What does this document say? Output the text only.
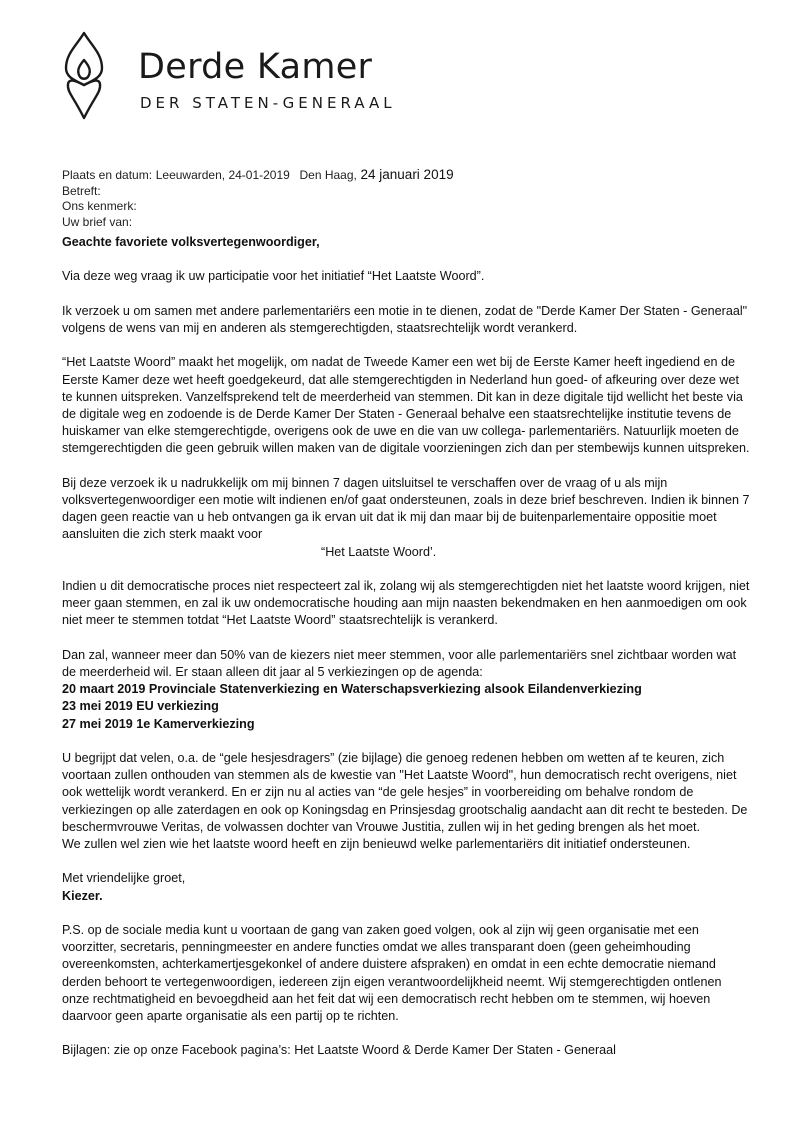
Derde Kamer
DER STATEN-GENERAAL
Plaats en datum: Leeuwarden, 24-01-2019 Den Haag, 24 januari 2019
Betreft:
Ons kenmerk:
Uw brief van:

Geachte favoriete volksvertegenwoordiger,

Via deze weg vraag ik uw participatie voor het initiatief “Het Laatste Woord”.

Ik verzoek u om samen met andere parlementariërs een motie in te dienen, zodat de "Derde Kamer Der Staten - Generaal" volgens de wens van mij en anderen als stemgerechtigden, staatsrechtelijk wordt verankerd.

“Het Laatste Woord” maakt het mogelijk, om nadat de Tweede Kamer een wet bij de Eerste Kamer heeft ingediend en de Eerste Kamer deze wet heeft goedgekeurd, dat alle stemgerechtigden in Nederland hun goed- of afkeuring over deze wet te kunnen uitspreken. Vanzelfsprekend telt de meerderheid van stemmen. Dit kan in deze digitale tijd wellicht het beste via de digitale weg en zodoende is de Derde Kamer Der Staten - Generaal behalve een staatsrechtelijke institutie tevens de huiskamer van elke stemgerechtigde, overigens ook de uwe en die van uw collega- parlementariërs. Natuurlijk moeten de stemgerechtigden die geen gebruik willen maken van de digitale voorzieningen zich dan per stembewijs kunnen uitspreken.

Bij deze verzoek ik u nadrukkelijk om mij binnen 7 dagen uitsluitsel te verschaffen over de vraag of u als mijn volksvertegenwoordiger een motie wilt indienen en/of gaat ondersteunen, zoals in deze brief beschreven. Indien ik binnen 7 dagen geen reactie van u heb ontvangen ga ik ervan uit dat ik mij dan maar bij de buitenparlementaire oppositie moet aansluiten die zich sterk maakt voor

“Het Laatste Woord’.

Indien u dit democratische proces niet respecteert zal ik, zolang wij als stemgerechtigden niet het laatste woord krijgen, niet meer gaan stemmen, en zal ik uw ondemocratische houding aan mijn naasten bekendmaken en hen aanmoedigen om ook niet meer te stemmen totdat “Het Laatste Woord” staatsrechtelijk is verankerd.

Dan zal, wanneer meer dan 50% van de kiezers niet meer stemmen, voor alle parlementariërs snel zichtbaar worden wat de meerderheid wil. Er staan alleen dit jaar al 5 verkiezingen op de agenda:

20 maart 2019 Provinciale Statenverkiezing en Waterschapsverkiezing alsook Eilandenverkiezing

23 mei 2019 EU verkiezing

27 mei 2019 1e Kamerverkiezing

U begrijpt dat velen, o.a. de “gele hesjesdragers” (zie bijlage) die genoeg redenen hebben om wetten af te keuren, zich voortaan zullen onthouden van stemmen als de kwestie van "Het Laatste Woord", hun democratisch recht overigens, niet ook wettelijk wordt verankerd. En er zijn nu al acties van “de gele hesjes” in voorbereiding om behalve rondom de verkiezingen op alle zaterdagen en ook op Koningsdag en Prinsjesdag grootschalig aandacht aan dit recht te besteden. De beschermvrouwe Veritas, de volwassen dochter van Vrouwe Justitia, zullen wij in het geding brengen als het moet.

We zullen wel zien wie het laatste woord heeft en zijn benieuwd welke parlementariërs dit initiatief ondersteunen.

Met vriendelijke groet,

Kiezer.

P.S. op de sociale media kunt u voortaan de gang van zaken goed volgen, ook al zijn wij geen organisatie met een voorzitter, secretaris, penningmeester en andere functies omdat we alles transparant doen (geen geheimhouding overeenkomsten, achterkamertjesgekonkel of andere duistere afspraken) en omdat in een echte democratie niemand derden behoort te vertegenwoordigen, iedereen zijn eigen verantwoordelijkheid neemt. Wij stemgerechtigden ontlenen onze rechtmatigheid en bevoegdheid aan het feit dat wij een democratisch recht hebben om te stemmen, wij hoeven daarvoor geen aparte organisatie als een partij op te richten.

Bijlagen: zie op onze Facebook pagina’s: Het Laatste Woord & Derde Kamer Der Staten - Generaal
